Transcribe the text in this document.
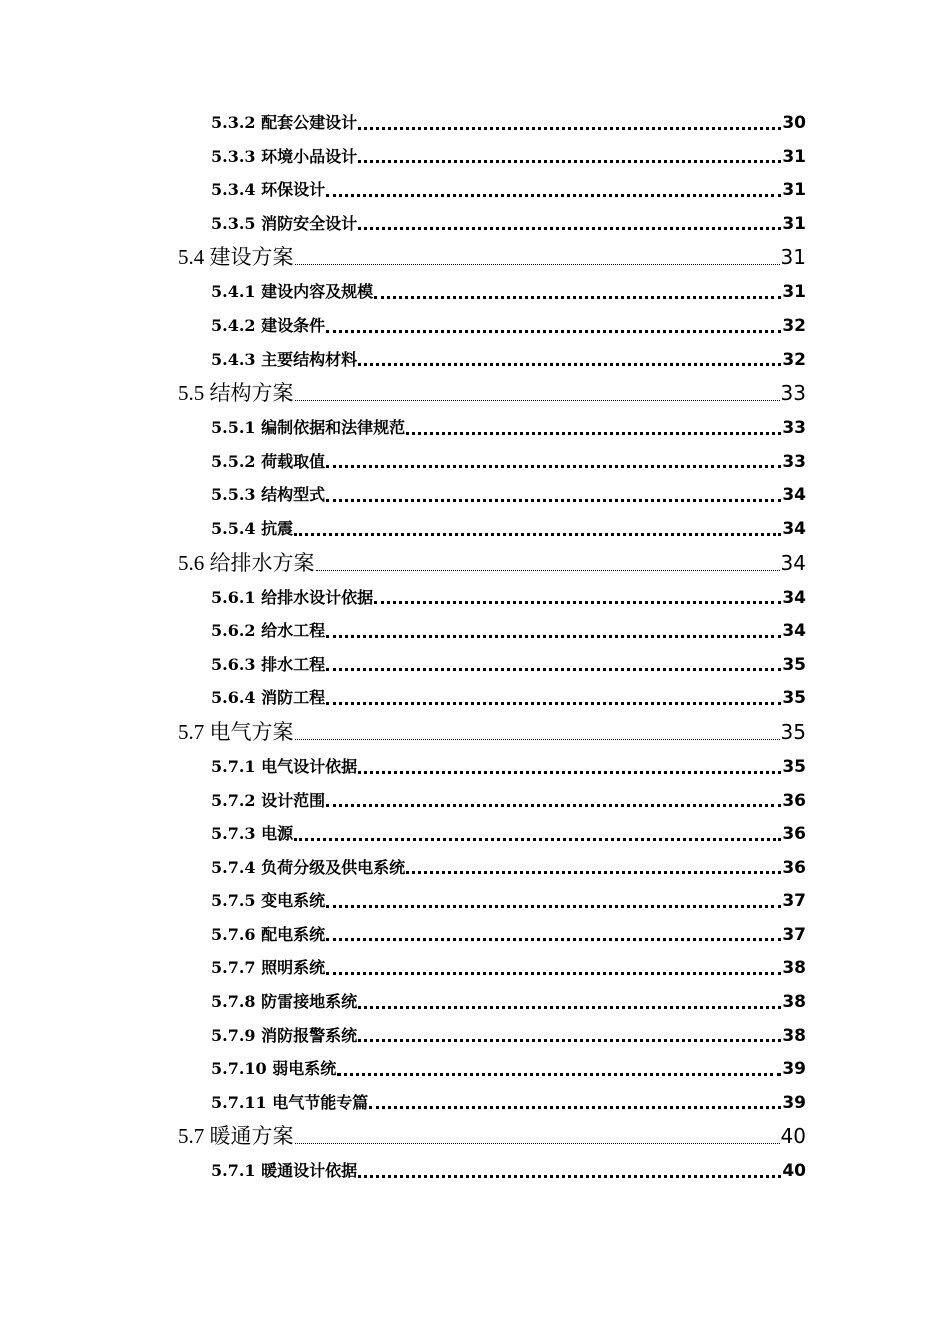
5.3.2 配套公建设计	30
5.3.3 环境小品设计	31
5.3.4 环保设计	31
5.3.5 消防安全设计	31
5.4 建设方案	31
5.4.1 建设内容及规模	31
5.4.2 建设条件	32
5.4.3 主要结构材料	32
5.5 结构方案	33
5.5.1 编制依据和法律规范	33
5.5.2 荷载取值	33
5.5.3 结构型式	34
5.5.4 抗震	34
5.6 给排水方案	34
5.6.1 给排水设计依据	34
5.6.2 给水工程	34
5.6.3 排水工程	35
5.6.4 消防工程	35
5.7 电气方案	35
5.7.1 电气设计依据	35
5.7.2 设计范围	36
5.7.3 电源	36
5.7.4 负荷分级及供电系统	36
5.7.5 变电系统	37
5.7.6 配电系统	37
5.7.7 照明系统	38
5.7.8 防雷接地系统	38
5.7.9 消防报警系统	38
5.7.10 弱电系统	39
5.7.11 电气节能专篇	39
5.7 暖通方案	40
5.7.1 暖通设计依据	40
